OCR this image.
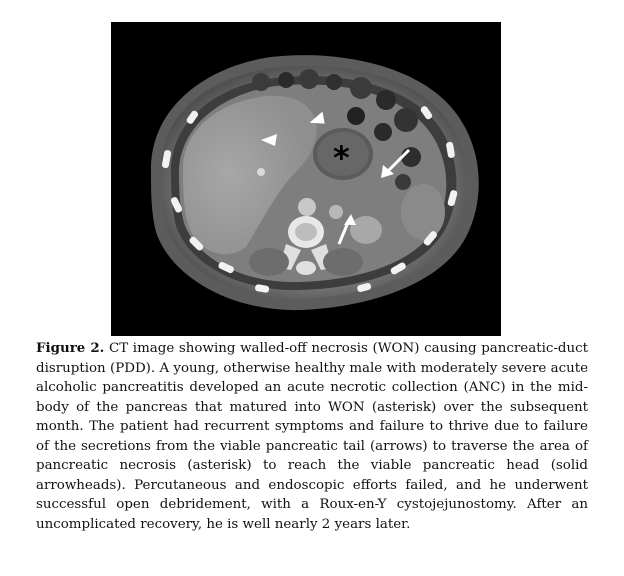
*
Figure 2. CT image showing walled-off necrosis (WON) causing pancreatic-duct disruption (PDD). A young, otherwise healthy male with moderately severe acute alcoholic pancreatitis developed an acute necrotic collection (ANC) in the mid-body of the pancreas that matured into WON (asterisk) over the subsequent month. The patient had recurrent symptoms and failure to thrive due to failure of the secretions from the viable pancreatic tail (arrows) to traverse the area of pancreatic necrosis (asterisk) to reach the viable pancreatic head (solid arrowheads). Percutaneous and endoscopic efforts failed, and he underwent successful open debridement, with a Roux-en-Y cystojejunostomy. After an uncomplicated recovery, he is well nearly 2 years later.
